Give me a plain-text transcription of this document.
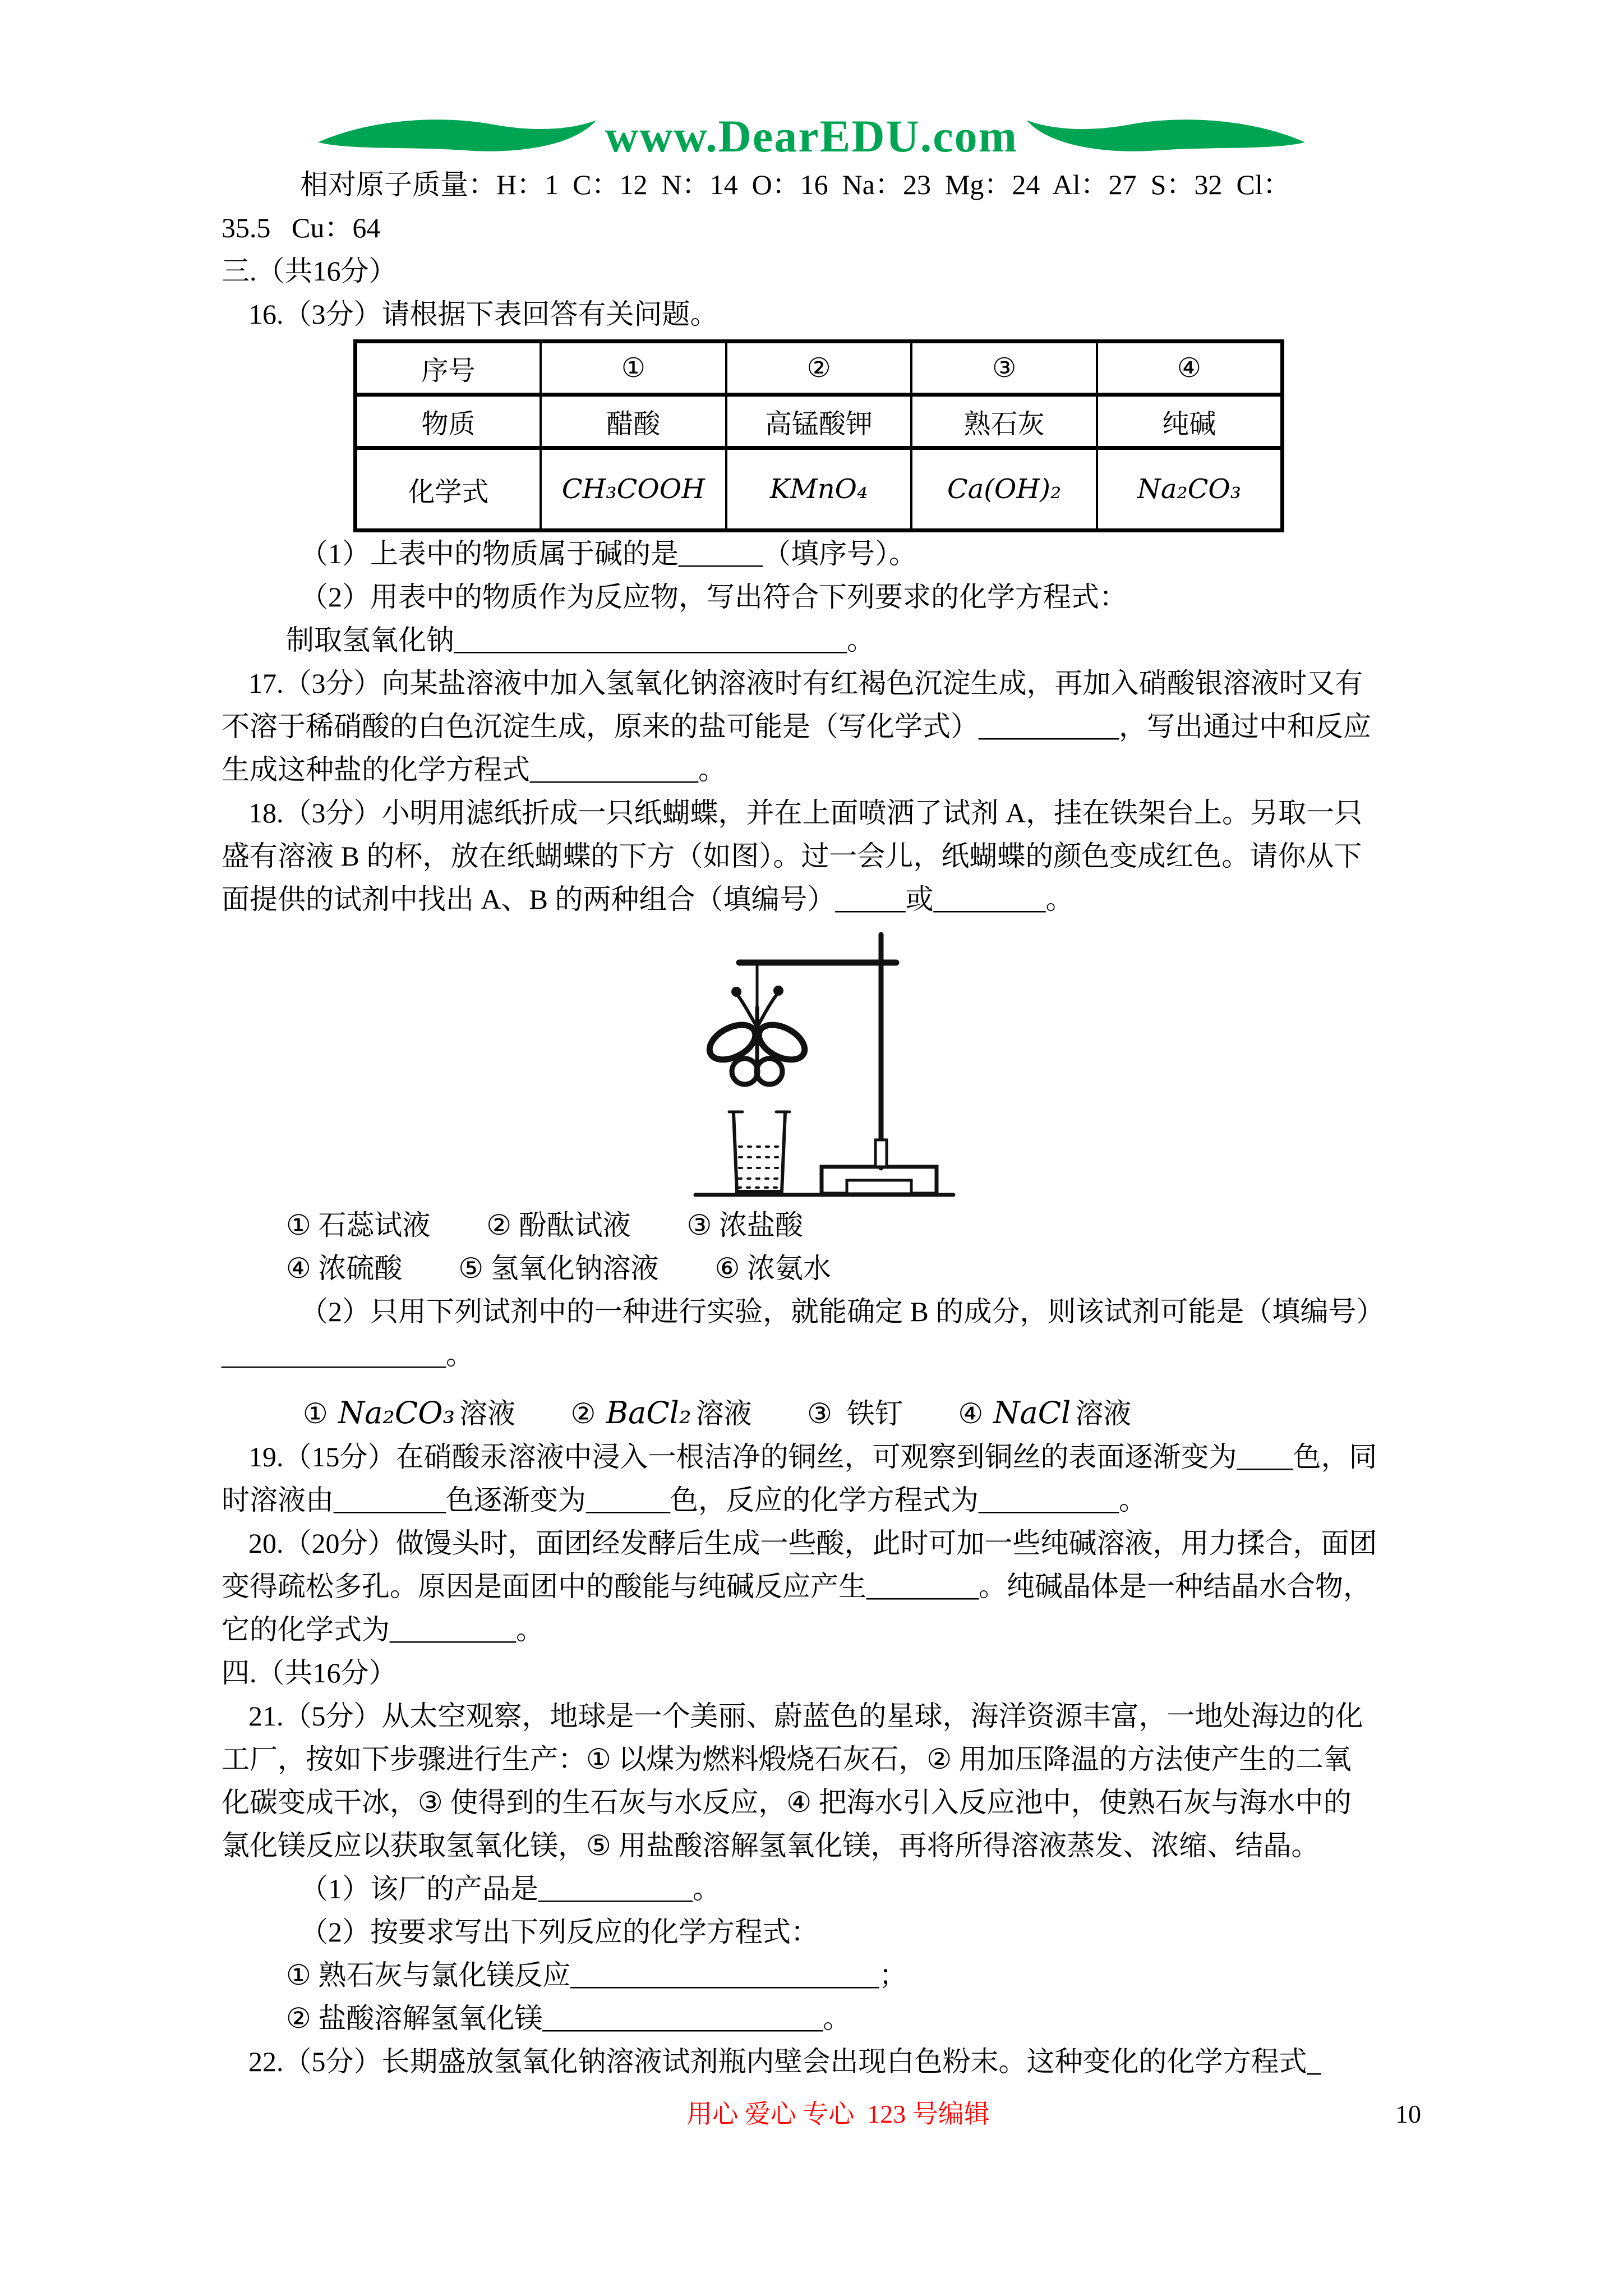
www.DearEDU.com

相对原子质量：H：1  C：12  N：14  O：16  Na：23  Mg：24  Al：27  S：32  Cl：

35.5   Cu：64

三.（共16分）

16.（3分）请根据下表回答有关问题。

序号	①	②	③	④
物质	醋酸	高锰酸钾	熟石灰	纯碱
化学式	CH₃COOH	KMnO₄	Ca(OH)₂	Na₂CO₃

（1）上表中的物质属于碱的是______（填序号）。

（2）用表中的物质作为反应物，写出符合下列要求的化学方程式：

制取氢氧化钠____________________________。

17.（3分）向某盐溶液中加入氢氧化钠溶液时有红褐色沉淀生成，再加入硝酸银溶液时又有

不溶于稀硝酸的白色沉淀生成，原来的盐可能是（写化学式）__________，写出通过中和反应

生成这种盐的化学方程式____________。

18.（3分）小明用滤纸折成一只纸蝴蝶，并在上面喷洒了试剂 A，挂在铁架台上。另取一只

盛有溶液 B 的杯，放在纸蝴蝶的下方（如图）。过一会儿，纸蝴蝶的颜色变成红色。请你从下

面提供的试剂中找出 A、B 的两种组合（填编号）_____或________。

① 石蕊试液　　② 酚酞试液　　③ 浓盐酸

④ 浓硫酸　　⑤ 氢氧化钠溶液　　⑥ 浓氨水

（2）只用下列试剂中的一种进行实验，就能确定 B 的成分，则该试剂可能是（填编号）

________________。

① Na₂CO₃ 溶液 ② BaCl₂ 溶液 ③ 铁钉 ④ NaCl 溶液

19.（15分）在硝酸汞溶液中浸入一根洁净的铜丝，可观察到铜丝的表面逐渐变为____色，同

时溶液由________色逐渐变为______色，反应的化学方程式为__________。

20.（20分）做馒头时，面团经发酵后生成一些酸，此时可加一些纯碱溶液，用力揉合，面团

变得疏松多孔。原因是面团中的酸能与纯碱反应产生________。纯碱晶体是一种结晶水合物，

它的化学式为_________。

四.（共16分）

21.（5分）从太空观察，地球是一个美丽、蔚蓝色的星球，海洋资源丰富，一地处海边的化

工厂，按如下步骤进行生产：① 以煤为燃料煅烧石灰石，② 用加压降温的方法使产生的二氧

化碳变成干冰，③ 使得到的生石灰与水反应，④ 把海水引入反应池中，使熟石灰与海水中的

氯化镁反应以获取氢氧化镁，⑤ 用盐酸溶解氢氧化镁，再将所得溶液蒸发、浓缩、结晶。

（1）该厂的产品是___________。

（2）按要求写出下列反应的化学方程式：

① 熟石灰与氯化镁反应______________________；

② 盐酸溶解氢氧化镁____________________。

22.（5分）长期盛放氢氧化钠溶液试剂瓶内壁会出现白色粉末。这种变化的化学方程式_

用心 爱心 专心  123 号编辑	10
